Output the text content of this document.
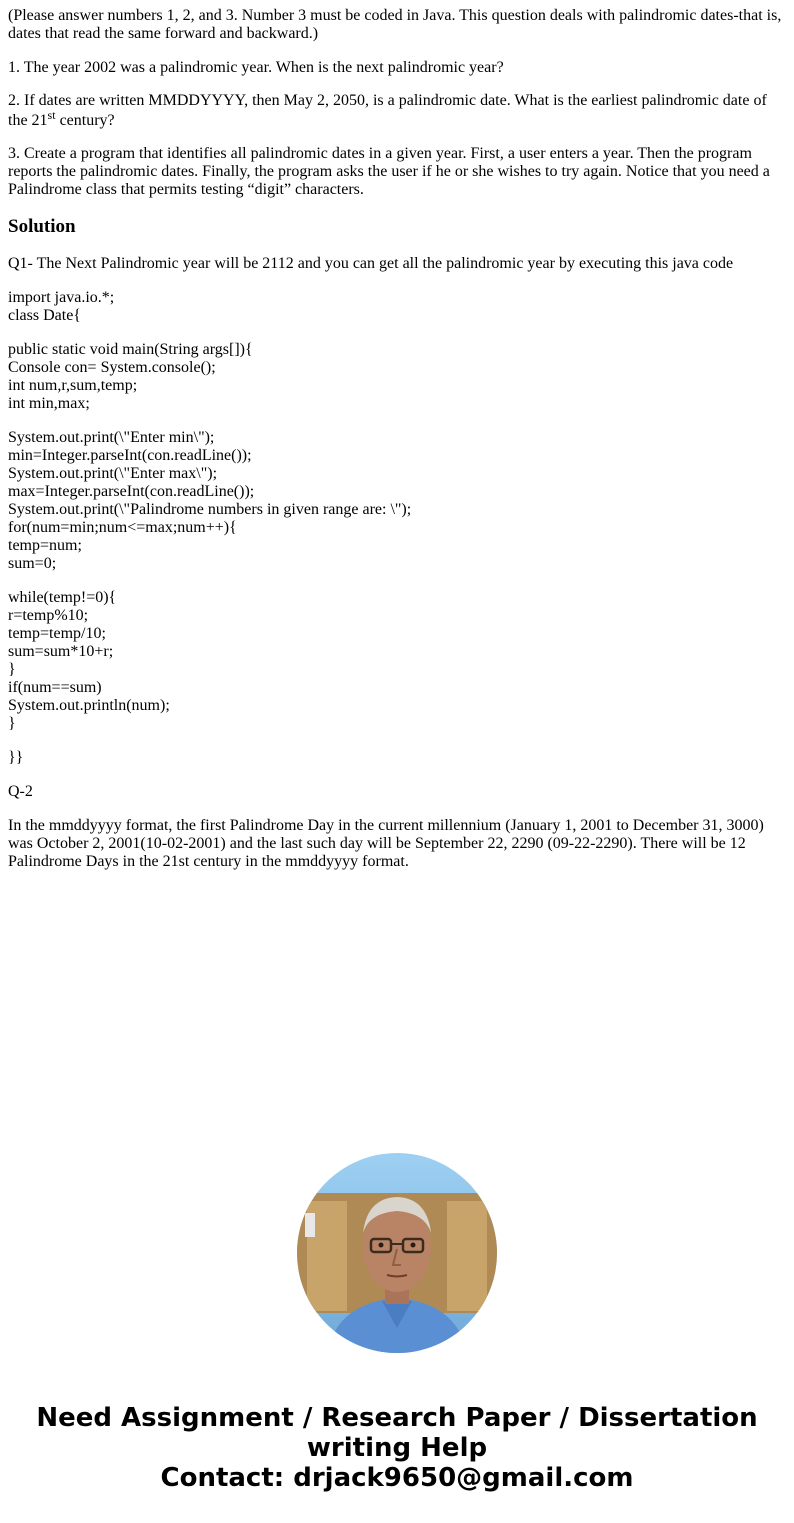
(Please answer numbers 1, 2, and 3. Number 3 must be coded in Java. This question deals with palindromic dates-that is, dates that read the same forward and backward.)

1. The year 2002 was a palindromic year. When is the next palindromic year?

2. If dates are written MMDDYYYY, then May 2, 2050, is a palindromic date. What is the earliest palindromic date of the 21st century?

3. Create a program that identifies all palindromic dates in a given year. First, a user enters a year. Then the program reports the palindromic dates. Finally, the program asks the user if he or she wishes to try again. Notice that you need a Palindrome class that permits testing “digit” characters.

Solution

Q1- The Next Palindromic year will be 2112 and you can get all the palindromic year by executing this java code

import java.io.*;
class Date{
public static void main(String args[]){
Console con= System.console();
int num,r,sum,temp;
int min,max;
System.out.print(\"Enter min\");
min=Integer.parseInt(con.readLine());
System.out.print(\"Enter max\");
max=Integer.parseInt(con.readLine());
System.out.print(\"Palindrome numbers in given range are: \");
for(num=min;num<=max;num++){
temp=num;
sum=0;
while(temp!=0){
r=temp%10;
temp=temp/10;
sum=sum*10+r;
}
if(num==sum)
System.out.println(num);
}
}}

Q-2

In the mmddyyyy format, the first Palindrome Day in the current millennium (January 1, 2001 to December 31, 3000) was October 2, 2001(10-02-2001) and the last such day will be September 22, 2290 (09-22-2290). There will be 12 Palindrome Days in the 21st century in the mmddyyyy format.

Need Assignment / Research Paper / Dissertation
writing Help
Contact: drjack9650@gmail.com
